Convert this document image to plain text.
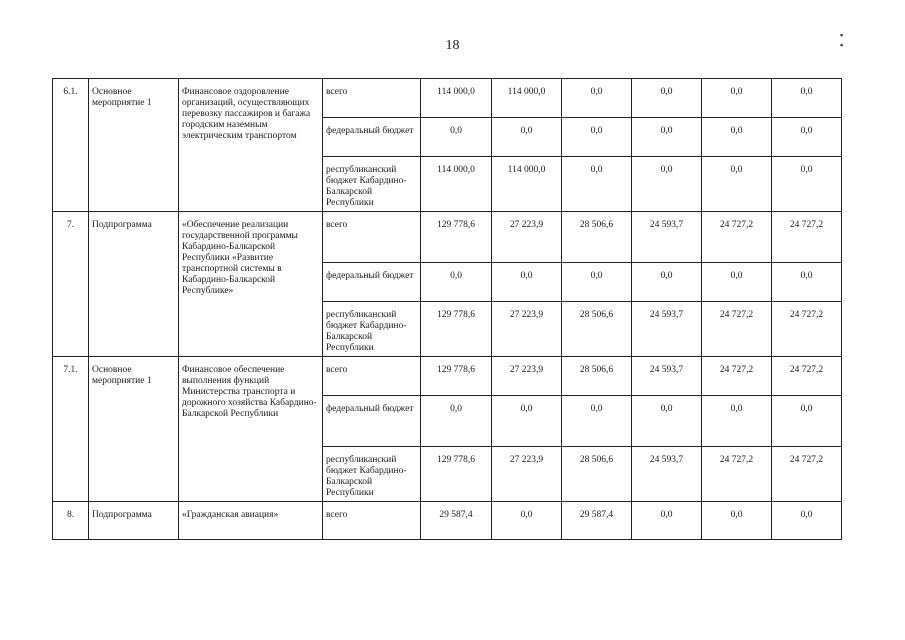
18
▪ ▪
6.1.	Основное мероприятие 1	Финансовое оздоровление организаций, осуществляющих перевозку пассажиров и багажа городским наземным электрическим транспортом	всего	114 000,0	114 000,0	0,0	0,0	0,0	0,0
			федеральный бюджет	0,0	0,0	0,0	0,0	0,0	0,0
			республиканский бюджет Кабардино-Балкарской Республики	114 000,0	114 000,0	0,0	0,0	0,0	0,0
7.	Подпрограмма	«Обеспечение реализации государственной программы Кабардино-Балкарской Республики «Развитие транспортной системы в Кабардино-Балкарской Республике»	всего	129 778,6	27 223,9	28 506,6	24 593,7	24 727,2	24 727,2
			федеральный бюджет	0,0	0,0	0,0	0,0	0,0	0,0
			республиканский бюджет Кабардино-Балкарской Республики	129 778,6	27 223,9	28 506,6	24 593,7	24 727,2	24 727,2
7.1.	Основное мероприятие 1	Финансовое обеспечение выполнения функций Министерства транспорта и дорожного хозяйства Кабардино-Балкарской Республики	всего	129 778,6	27 223,9	28 506,6	24 593,7	24 727,2	24 727,2
			федеральный бюджет	0,0	0,0	0,0	0,0	0,0	0,0
			республиканский бюджет Кабардино-Балкарской Республики	129 778,6	27 223,9	28 506,6	24 593,7	24 727,2	24 727,2
8.	Подпрограмма	«Гражданская авиация»	всего	29 587,4	0,0	29 587,4	0,0	0,0	0,0
